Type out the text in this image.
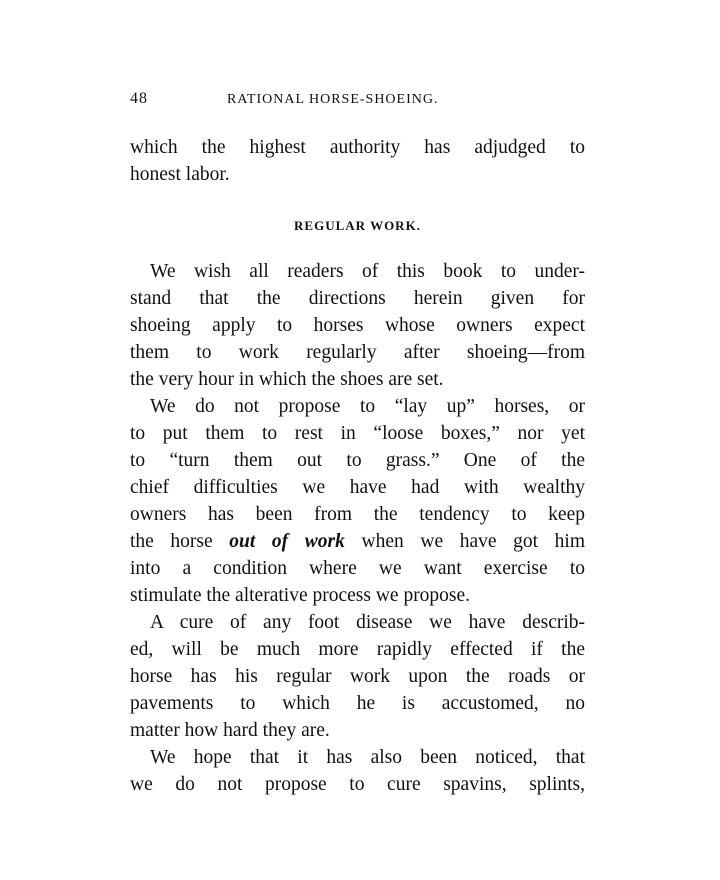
48	RATIONAL HORSE-SHOEING.
which the highest authority has adjudged to
honest labor.
REGULAR WORK.
We wish all readers of this book to under-
stand that the directions herein given for
shoeing apply to horses whose owners expect
them to work regularly after shoeing—from
the very hour in which the shoes are set.
We do not propose to “lay up” horses, or
to put them to rest in “loose boxes,” nor yet
to “turn them out to grass.” One of the
chief difficulties we have had with wealthy
owners has been from the tendency to keep
the horse out of work when we have got him
into a condition where we want exercise to
stimulate the alterative process we propose.
A cure of any foot disease we have describ-
ed, will be much more rapidly effected if the
horse has his regular work upon the roads or
pavements to which he is accustomed, no
matter how hard they are.
We hope that it has also been noticed, that
we do not propose to cure spavins, splints,
